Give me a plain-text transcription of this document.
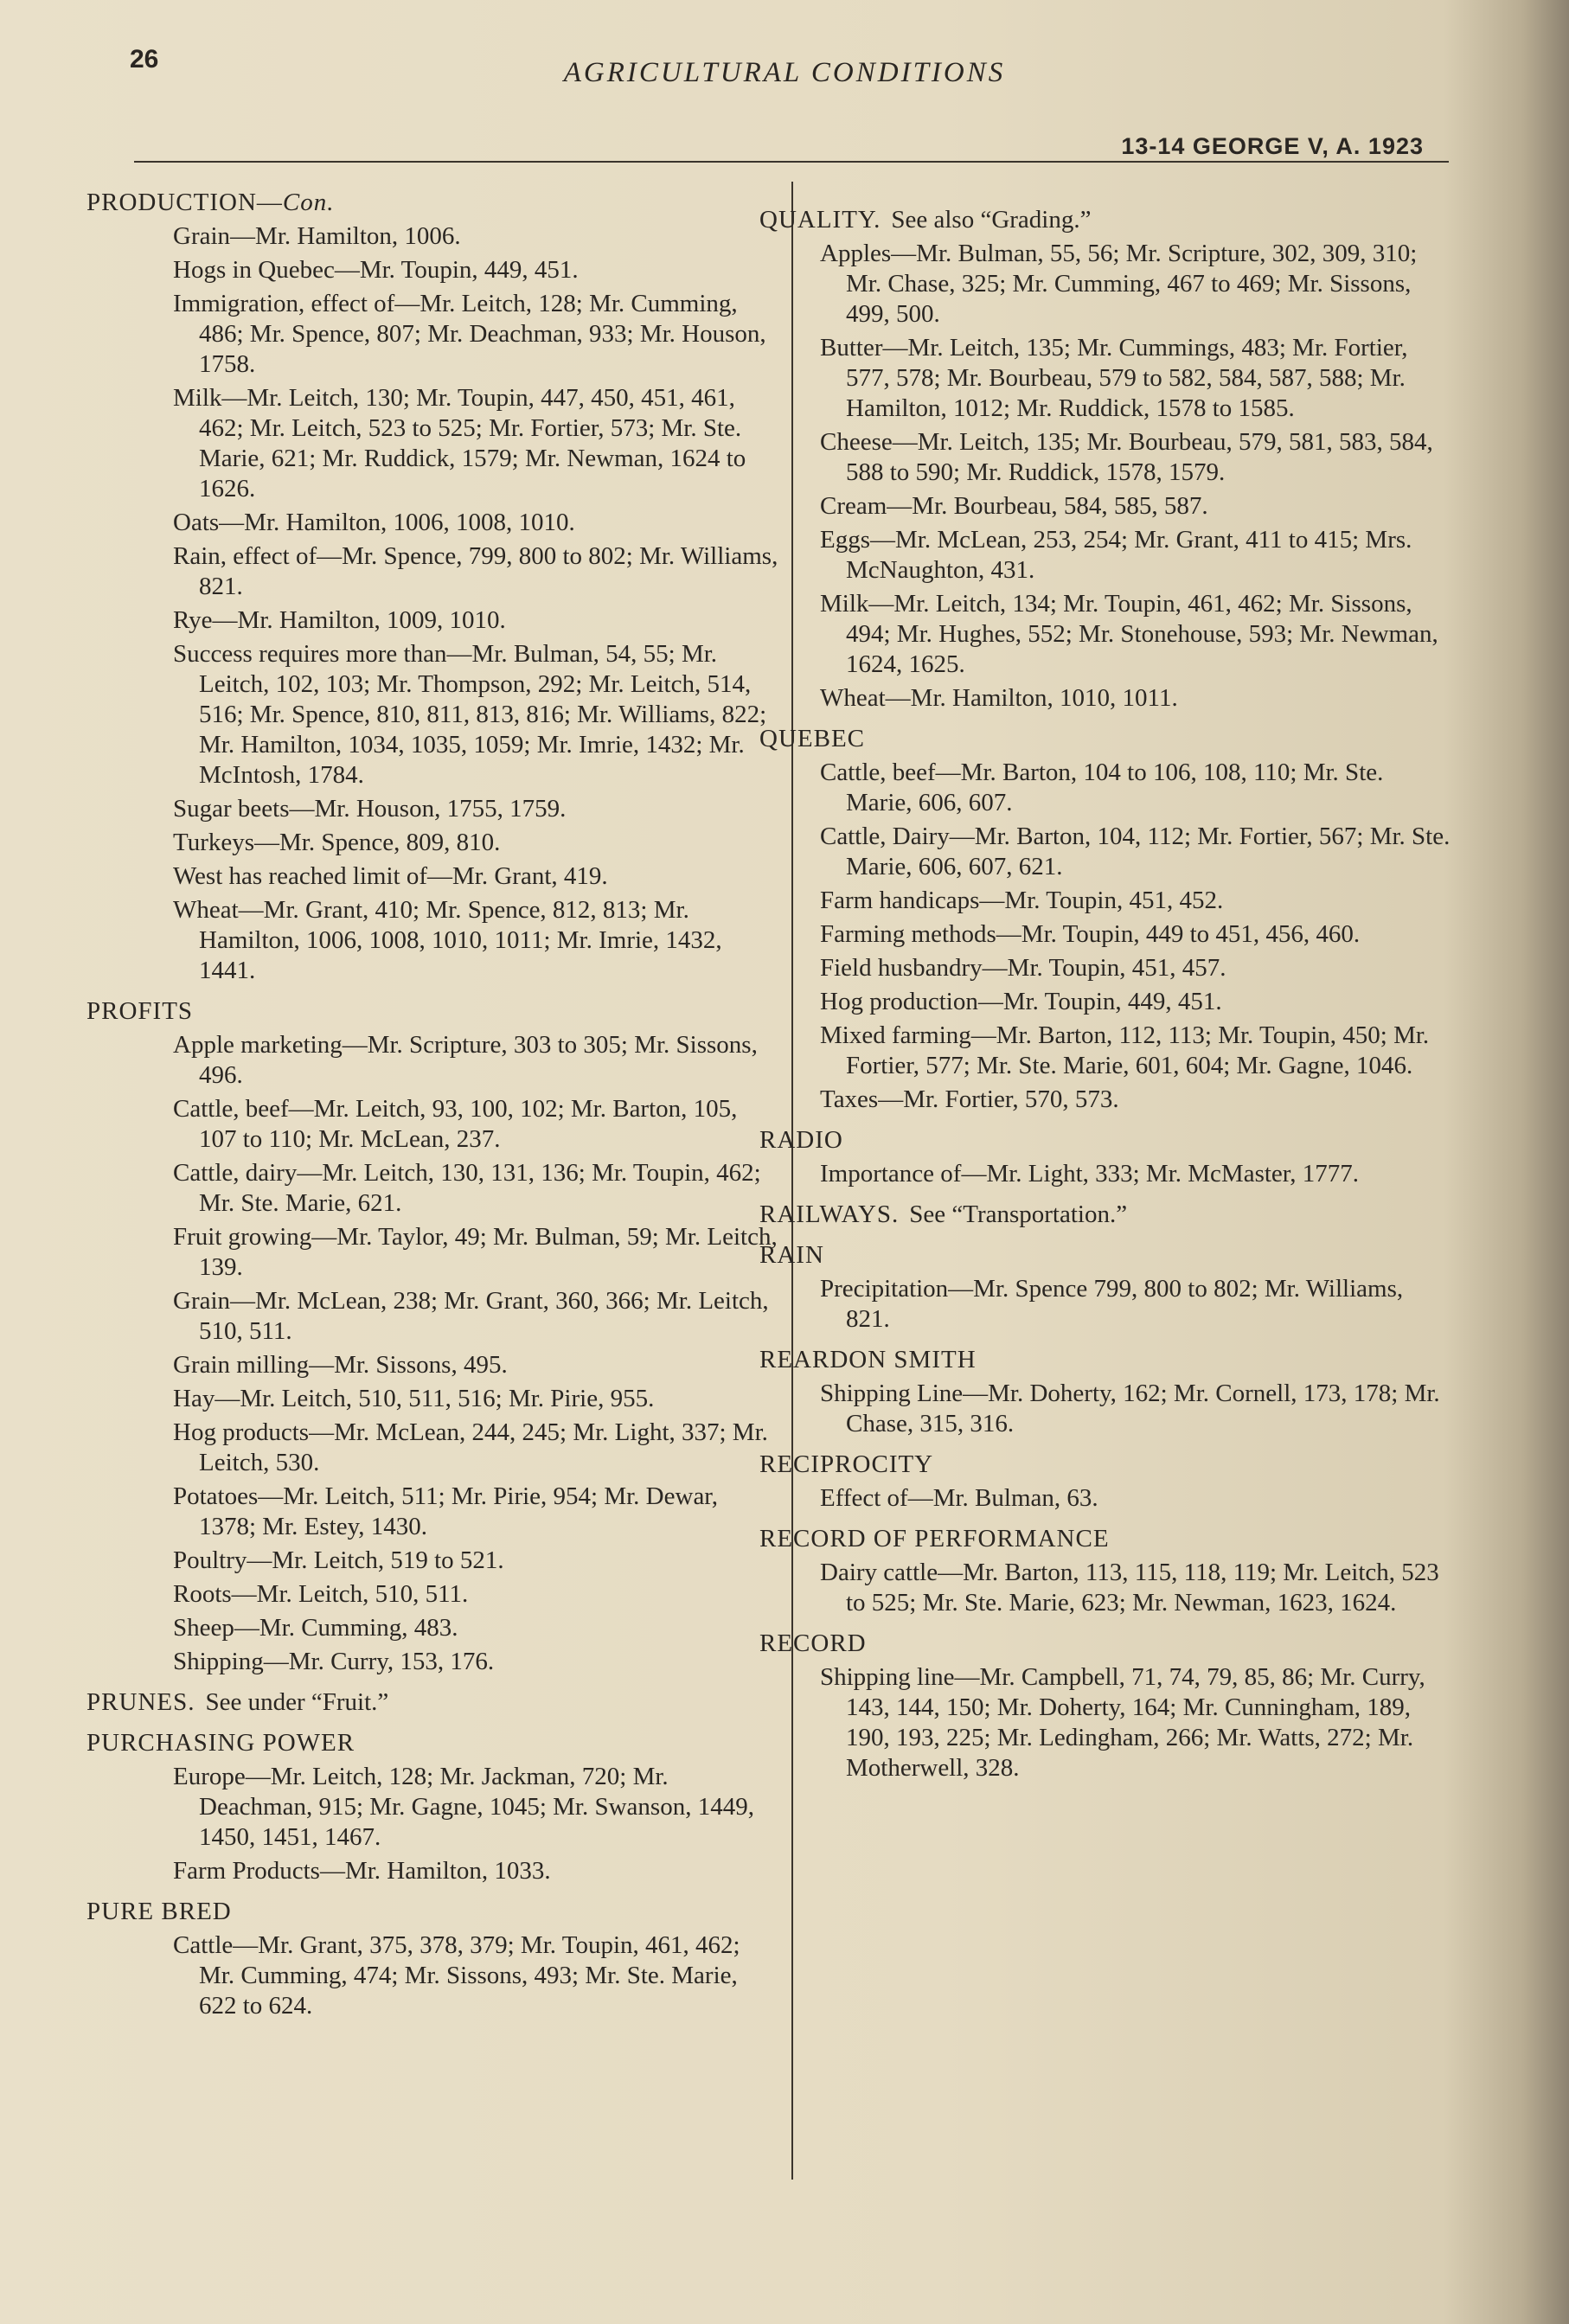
26	AGRICULTURAL CONDITIONS
13-14 GEORGE V, A. 1923
PRODUCTION—Con.
Grain—Mr. Hamilton, 1006.
Hogs in Quebec—Mr. Toupin, 449, 451.
Immigration, effect of—Mr. Leitch, 128; Mr. Cumming, 486; Mr. Spence, 807; Mr. Deachman, 933; Mr. Houson, 1758.
Milk—Mr. Leitch, 130; Mr. Toupin, 447, 450, 451, 461, 462; Mr. Leitch, 523 to 525; Mr. Fortier, 573; Mr. Ste. Marie, 621; Mr. Ruddick, 1579; Mr. Newman, 1624 to 1626.
Oats—Mr. Hamilton, 1006, 1008, 1010.
Rain, effect of—Mr. Spence, 799, 800 to 802; Mr. Williams, 821.
Rye—Mr. Hamilton, 1009, 1010.
Success requires more than—Mr. Bulman, 54, 55; Mr. Leitch, 102, 103; Mr. Thompson, 292; Mr. Leitch, 514, 516; Mr. Spence, 810, 811, 813, 816; Mr. Williams, 822; Mr. Hamilton, 1034, 1035, 1059; Mr. Imrie, 1432; Mr. McIntosh, 1784.
Sugar beets—Mr. Houson, 1755, 1759.
Turkeys—Mr. Spence, 809, 810.
West has reached limit of—Mr. Grant, 419.
Wheat—Mr. Grant, 410; Mr. Spence, 812, 813; Mr. Hamilton, 1006, 1008, 1010, 1011; Mr. Imrie, 1432, 1441.
PROFITS
Apple marketing—Mr. Scripture, 303 to 305; Mr. Sissons, 496.
Cattle, beef—Mr. Leitch, 93, 100, 102; Mr. Barton, 105, 107 to 110; Mr. McLean, 237.
Cattle, dairy—Mr. Leitch, 130, 131, 136; Mr. Toupin, 462; Mr. Ste. Marie, 621.
Fruit growing—Mr. Taylor, 49; Mr. Bulman, 59; Mr. Leitch, 139.
Grain—Mr. McLean, 238; Mr. Grant, 360, 366; Mr. Leitch, 510, 511.
Grain milling—Mr. Sissons, 495.
Hay—Mr. Leitch, 510, 511, 516; Mr. Pirie, 955.
Hog products—Mr. McLean, 244, 245; Mr. Light, 337; Mr. Leitch, 530.
Potatoes—Mr. Leitch, 511; Mr. Pirie, 954; Mr. Dewar, 1378; Mr. Estey, 1430.
Poultry—Mr. Leitch, 519 to 521.
Roots—Mr. Leitch, 510, 511.
Sheep—Mr. Cumming, 483.
Shipping—Mr. Curry, 153, 176.
PRUNES. See under “Fruit.”
PURCHASING POWER
Europe—Mr. Leitch, 128; Mr. Jackman, 720; Mr. Deachman, 915; Mr. Gagne, 1045; Mr. Swanson, 1449, 1450, 1451, 1467.
Farm Products—Mr. Hamilton, 1033.
PURE BRED
Cattle—Mr. Grant, 375, 378, 379; Mr. Toupin, 461, 462; Mr. Cumming, 474; Mr. Sissons, 493; Mr. Ste. Marie, 622 to 624.
QUALITY. See also “Grading.”
Apples—Mr. Bulman, 55, 56; Mr. Scripture, 302, 309, 310; Mr. Chase, 325; Mr. Cumming, 467 to 469; Mr. Sissons, 499, 500.
Butter—Mr. Leitch, 135; Mr. Cummings, 483; Mr. Fortier, 577, 578; Mr. Bourbeau, 579 to 582, 584, 587, 588; Mr. Hamilton, 1012; Mr. Ruddick, 1578 to 1585.
Cheese—Mr. Leitch, 135; Mr. Bourbeau, 579, 581, 583, 584, 588 to 590; Mr. Ruddick, 1578, 1579.
Cream—Mr. Bourbeau, 584, 585, 587.
Eggs—Mr. McLean, 253, 254; Mr. Grant, 411 to 415; Mrs. McNaughton, 431.
Milk—Mr. Leitch, 134; Mr. Toupin, 461, 462; Mr. Sissons, 494; Mr. Hughes, 552; Mr. Stonehouse, 593; Mr. Newman, 1624, 1625.
Wheat—Mr. Hamilton, 1010, 1011.
QUEBEC
Cattle, beef—Mr. Barton, 104 to 106, 108, 110; Mr. Ste. Marie, 606, 607.
Cattle, Dairy—Mr. Barton, 104, 112; Mr. Fortier, 567; Mr. Ste. Marie, 606, 607, 621.
Farm handicaps—Mr. Toupin, 451, 452.
Farming methods—Mr. Toupin, 449 to 451, 456, 460.
Field husbandry—Mr. Toupin, 451, 457.
Hog production—Mr. Toupin, 449, 451.
Mixed farming—Mr. Barton, 112, 113; Mr. Toupin, 450; Mr. Fortier, 577; Mr. Ste. Marie, 601, 604; Mr. Gagne, 1046.
Taxes—Mr. Fortier, 570, 573.
RADIO
Importance of—Mr. Light, 333; Mr. McMaster, 1777.
RAILWAYS. See “Transportation.”
RAIN
Precipitation—Mr. Spence 799, 800 to 802; Mr. Williams, 821.
REARDON SMITH
Shipping Line—Mr. Doherty, 162; Mr. Cornell, 173, 178; Mr. Chase, 315, 316.
RECIPROCITY
Effect of—Mr. Bulman, 63.
RECORD OF PERFORMANCE
Dairy cattle—Mr. Barton, 113, 115, 118, 119; Mr. Leitch, 523 to 525; Mr. Ste. Marie, 623; Mr. Newman, 1623, 1624.
RECORD
Shipping line—Mr. Campbell, 71, 74, 79, 85, 86; Mr. Curry, 143, 144, 150; Mr. Doherty, 164; Mr. Cunningham, 189, 190, 193, 225; Mr. Ledingham, 266; Mr. Watts, 272; Mr. Motherwell, 328.
